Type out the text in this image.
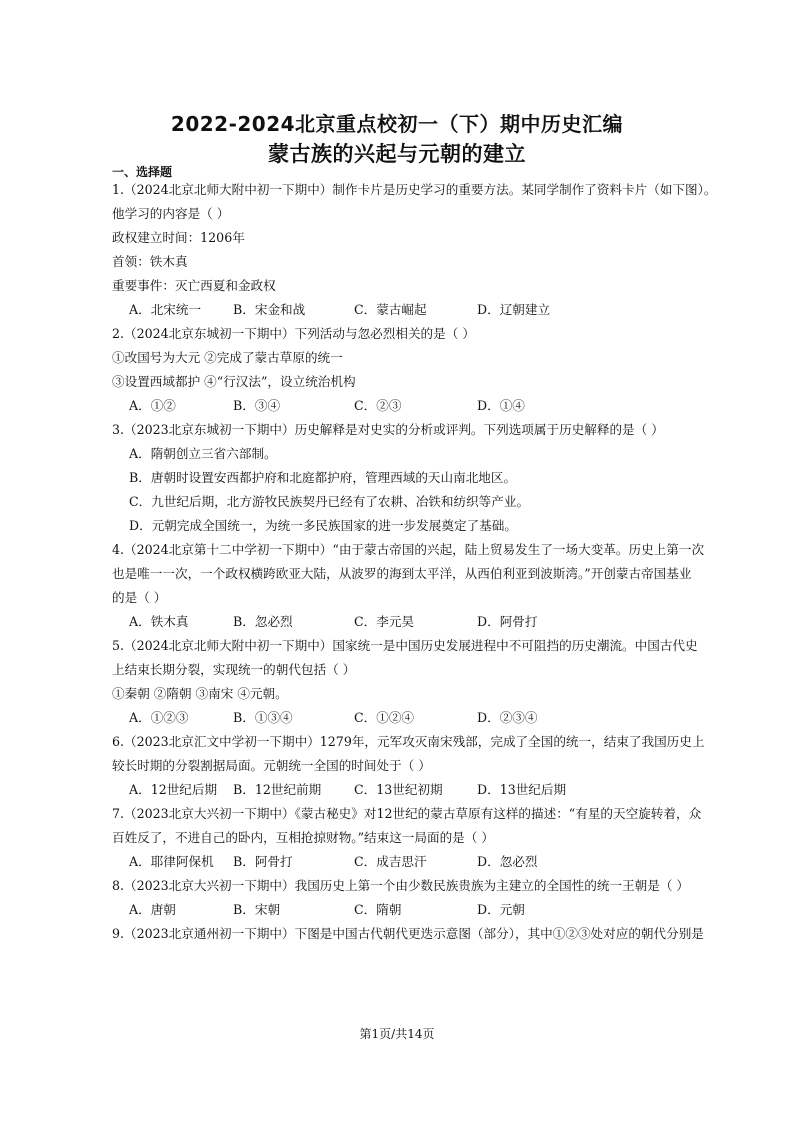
2022-2024北京重点校初一（下）期中历史汇编
蒙古族的兴起与元朝的建立
一、选择题
1.（2024北京北师大附中初一下期中）制作卡片是历史学习的重要方法。某同学制作了资料卡片（如下图）。
他学习的内容是（ ）
政权建立时间：1206年
首领：铁木真
重要事件：灭亡西夏和金政权
A．北宋统一	B．宋金和战	C．蒙古崛起	D．辽朝建立
2.（2024北京东城初一下期中）下列活动与忽必烈相关的是（ ）
①改国号为大元 ②完成了蒙古草原的统一
③设置西域都护 ④“行汉法”，设立统治机构
A．①②	B．③④	C．②③	D．①④
3.（2023北京东城初一下期中）历史解释是对史实的分析或评判。下列选项属于历史解释的是（ ）
A．隋朝创立三省六部制。
B．唐朝时设置安西都护府和北庭都护府，管理西域的天山南北地区。
C．九世纪后期，北方游牧民族契丹已经有了农耕、冶铁和纺织等产业。
D．元朝完成全国统一，为统一多民族国家的进一步发展奠定了基础。
4.（2024北京第十二中学初一下期中）“由于蒙古帝国的兴起，陆上贸易发生了一场大变革。历史上第一次
也是唯一一次，一个政权横跨欧亚大陆，从波罗的海到太平洋，从西伯利亚到波斯湾。”开创蒙古帝国基业
的是（ ）
A．铁木真	B．忽必烈	C．李元昊	D．阿骨打
5.（2024北京北师大附中初一下期中）国家统一是中国历史发展进程中不可阻挡的历史潮流。中国古代史
上结束长期分裂，实现统一的朝代包括（ ）
①秦朝 ②隋朝 ③南宋 ④元朝。
A．①②③	B．①③④	C．①②④	D．②③④
6.（2023北京汇文中学初一下期中）1279年，元军攻灭南宋残部，完成了全国的统一，结束了我国历史上
较长时期的分裂割据局面。元朝统一全国的时间处于（ ）
A．12世纪后期 B．12世纪前期	C．13世纪初期	D．13世纪后期
7.（2023北京大兴初一下期中）《蒙古秘史》对12世纪的蒙古草原有这样的描述：“有星的天空旋转着，众
百姓反了，不进自己的卧内，互相抢掠财物。”结束这一局面的是（ ）
A．耶律阿保机 B．阿骨打	C．成吉思汗	D．忽必烈
8.（2023北京大兴初一下期中）我国历史上第一个由少数民族贵族为主建立的全国性的统一王朝是（ ）
A．唐朝	B．宋朝	C．隋朝	D．元朝
9.（2023北京通州初一下期中）下图是中国古代朝代更迭示意图（部分），其中①②③处对应的朝代分别是
第1页/共14页
